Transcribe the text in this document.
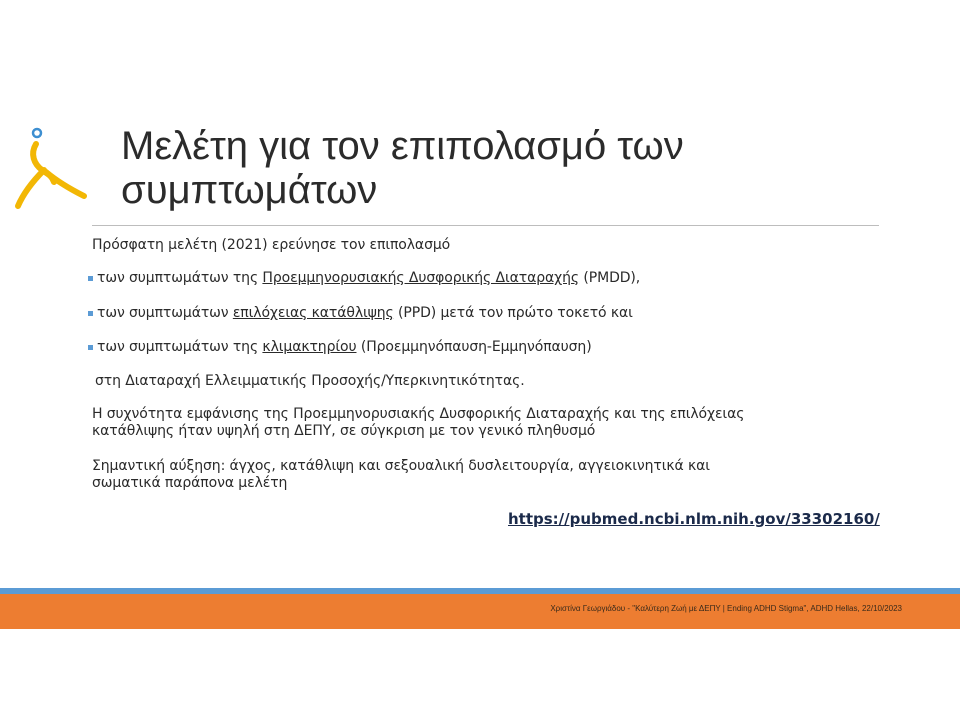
Μελέτη για τον επιπολασμό των
συμπτωμάτων
Πρόσφατη μελέτη (2021) ερεύνησε τον επιπολασμό
των συμπτωμάτων της Προεμμηνορυσιακής Δυσφορικής Διαταραχής (PMDD),
των συμπτωμάτων επιλόχειας κατάθλιψης (PPD) μετά τον πρώτο τοκετό και
των συμπτωμάτων της κλιμακτηρίου (Προεμμηνόπαυση-Εμμηνόπαυση)
στη Διαταραχή Ελλειμματικής Προσοχής/Υπερκινητικότητας.
Η συχνότητα εμφάνισης της Προεμμηνορυσιακής Δυσφορικής Διαταραχής και της επιλόχειας
κατάθλιψης ήταν υψηλή στη ΔΕΠΥ, σε σύγκριση με τον γενικό πληθυσμό
Σημαντική αύξηση: άγχος, κατάθλιψη και σεξουαλική δυσλειτουργία, αγγειοκινητικά και
σωματικά παράπονα μελέτη
https://pubmed.ncbi.nlm.nih.gov/33302160/
Χριστίνα Γεωργιάδου - "Καλύτερη Ζωή με ΔΕΠΥ | Ending ADHD Stigma", ADHD Hellas, 22/10/2023
